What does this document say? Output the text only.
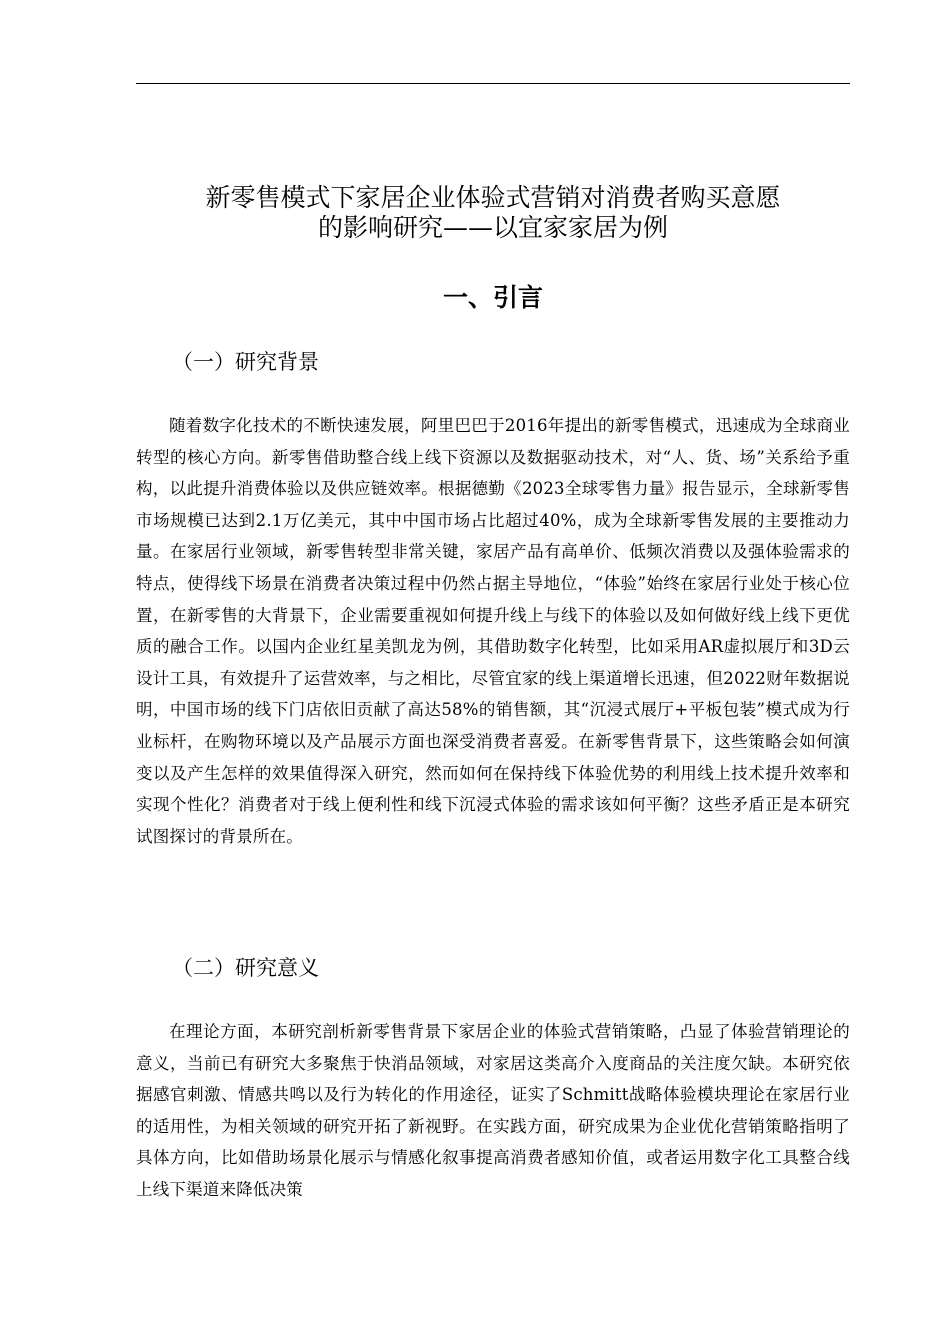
新零售模式下家居企业体验式营销对消费者购买意愿
的影响研究——以宜家家居为例
一、引言
（一）研究背景

随着数字化技术的不断快速发展，阿里巴巴于2016年提出的新零售模式，迅速成为全球商业转型的核心方向。新零售借助整合线上线下资源以及数据驱动技术，对“人、货、场”关系给予重构，以此提升消费体验以及供应链效率。根据德勤《2023全球零售力量》报告显示，全球新零售市场规模已达到2.1万亿美元，其中中国市场占比超过40%，成为全球新零售发展的主要推动力量。在家居行业领域，新零售转型非常关键，家居产品有高单价、低频次消费以及强体验需求的特点，使得线下场景在消费者决策过程中仍然占据主导地位，“体验”始终在家居行业处于核心位置，在新零售的大背景下，企业需要重视如何提升线上与线下的体验以及如何做好线上线下更优质的融合工作。以国内企业红星美凯龙为例，其借助数字化转型，比如采用AR虚拟展厅和3D云设计工具，有效提升了运营效率，与之相比，尽管宜家的线上渠道增长迅速，但2022财年数据说明，中国市场的线下门店依旧贡献了高达58%的销售额，其“沉浸式展厅+平板包装”模式成为行业标杆，在购物环境以及产品展示方面也深受消费者喜爱。在新零售背景下，这些策略会如何演变以及产生怎样的效果值得深入研究，然而如何在保持线下体验优势的利用线上技术提升效率和实现个性化？消费者对于线上便利性和线下沉浸式体验的需求该如何平衡？这些矛盾正是本研究试图探讨的背景所在。

（二）研究意义

在理论方面，本研究剖析新零售背景下家居企业的体验式营销策略，凸显了体验营销理论的意义，当前已有研究大多聚焦于快消品领域，对家居这类高介入度商品的关注度欠缺。本研究依据感官刺激、情感共鸣以及行为转化的作用途径，证实了Schmitt战略体验模块理论在家居行业的适用性，为相关领域的研究开拓了新视野。在实践方面，研究成果为企业优化营销策略指明了具体方向，比如借助场景化展示与情感化叙事提高消费者感知价值，或者运用数字化工具整合线上线下渠道来降低决策
